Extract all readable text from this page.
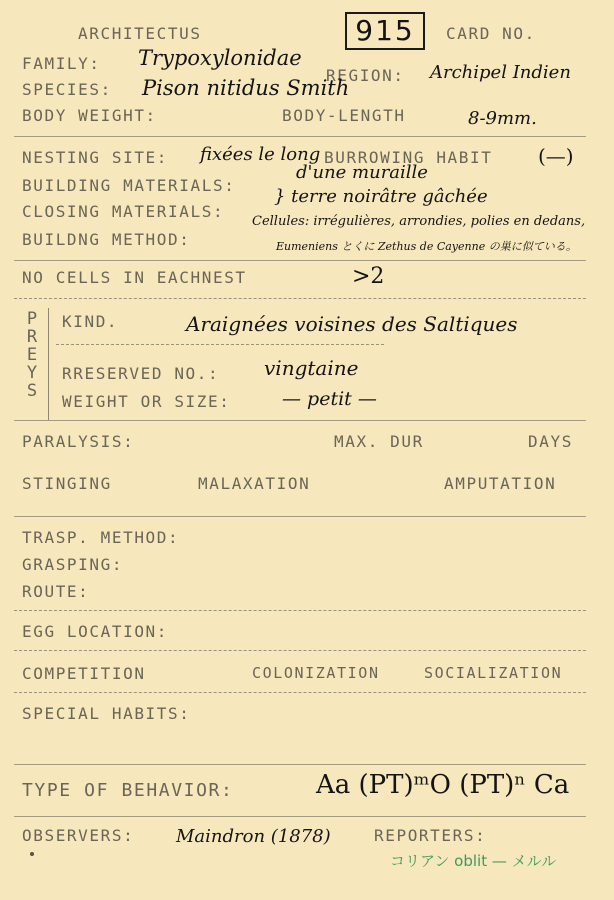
ARCHITECTUS	915	CARD NO.
FAMILY: Trypoxylonidae
REGION: Archipel Indien
SPECIES: Pison nitidus Smith
BODY WEIGHT:	BODY-LENGTH	8-9mm.
NESTING SITE: fixées le long BURROWING HABIT (—)
d'une muraille
BUILDING MATERIALS:
} terre noirâtre gâchée
CLOSING MATERIALS:
BUILDNG METHOD:
Cellules: irrégulières, arrondies, polies en dedans,
Eumeniens とくに Zethus de Cayenne の巣に似ている。
NO CELLS IN EACHNEST	>2
P
R
E
Y
S
KIND.	Araignées voisines des Saltiques
RRESERVED NO.: vingtaine
WEIGHT OR SIZE:	— petit —
PARALYSIS:	MAX. DUR	DAYS
STINGING	MALAXATION	AMPUTATION
TRASP. METHOD:
GRASPING:
ROUTE:
EGG LOCATION:
COMPETITION	COLONIZATION	SOCIALIZATION
SPECIAL HABITS:
TYPE OF BEHAVIOR:	Aa (PT)ᵐO (PT)ⁿ Ca
OBSERVERS: Maindron (1878)	REPORTERS:
コリアン oblit — メルル
